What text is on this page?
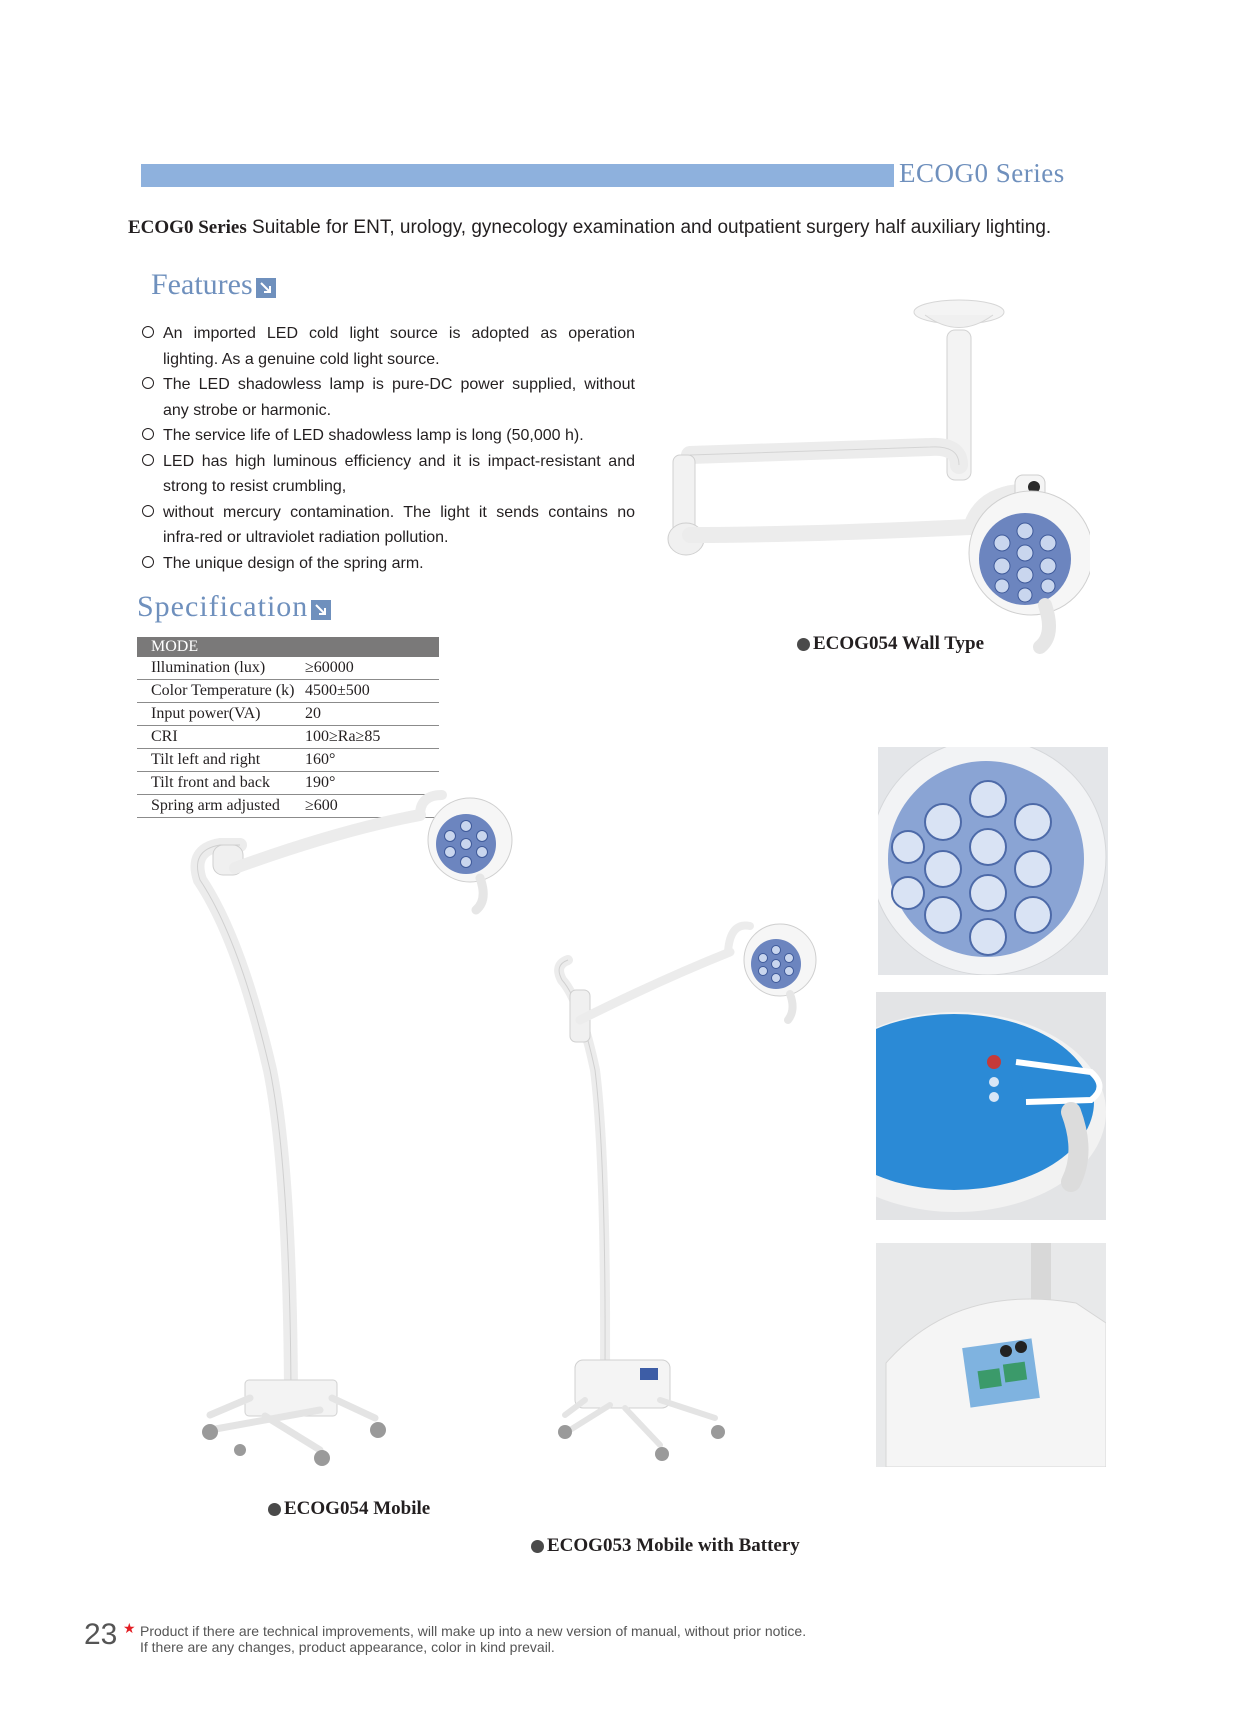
ECOG0 Series
ECOG0 Series Suitable for ENT, urology, gynecology examination and outpatient surgery half auxiliary lighting.
Features
An imported LED cold light source is adopted as operation lighting. As a genuine cold light source.
The LED shadowless lamp is pure-DC power supplied, without any strobe or harmonic.
The service life of LED shadowless lamp is long (50,000 h).
LED has high luminous efficiency and it is impact-resistant and strong to resist crumbling,
without mercury contamination. The light it sends contains no infra-red or ultraviolet radiation pollution.
The unique design of the spring arm.
Specification
MODE	
Illumination (lux)	≥60000
Color Temperature (k)	4500±500
Input power(VA)	20
CRI	100≥Ra≥85
Tilt left and right	160°
Tilt front and back	190°
Spring arm adjusted	≥600
ECOG054 Wall Type
ECOG054 Mobile
ECOG053 Mobile with Battery
23 ★ Product if there are technical improvements, will make up into a new version of manual, without prior notice.
If there are any changes, product appearance, color in kind prevail.
